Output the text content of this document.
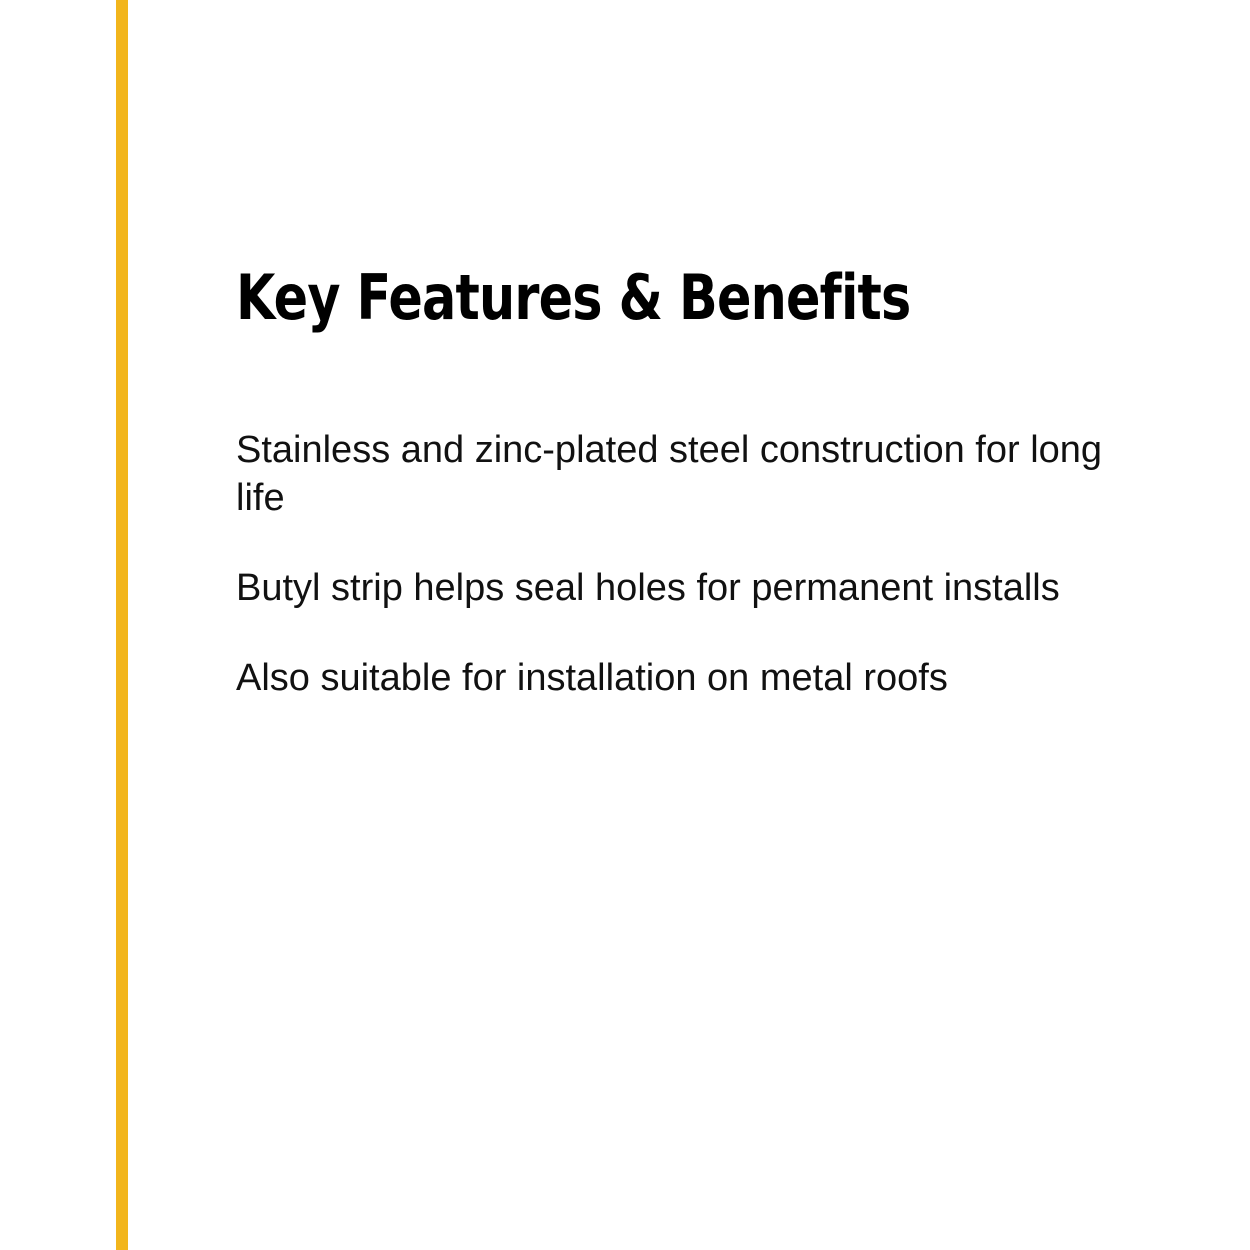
Key Features & Benefits
Stainless and zinc-plated steel construction for long life
Butyl strip helps seal holes for permanent installs
Also suitable for installation on metal roofs
